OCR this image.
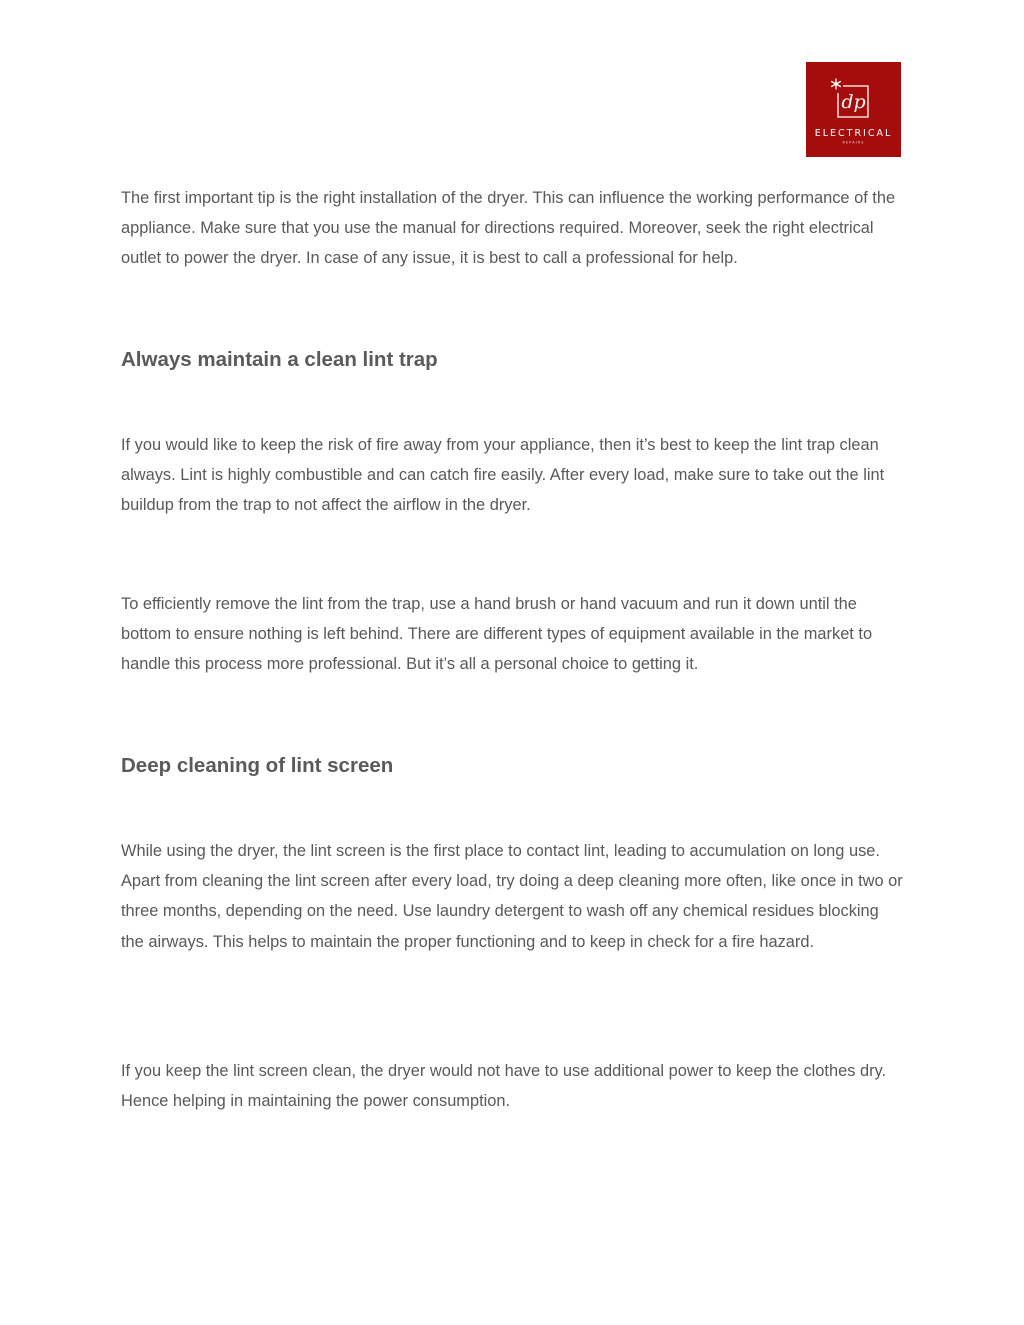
dp
ELECTRICAL
REPAIRS

The first important tip is the right installation of the dryer. This can influence the working performance of the appliance. Make sure that you use the manual for directions required. Moreover, seek the right electrical outlet to power the dryer. In case of any issue, it is best to call a professional for help.

Always maintain a clean lint trap

If you would like to keep the risk of fire away from your appliance, then it’s best to keep the lint trap clean always. Lint is highly combustible and can catch fire easily. After every load, make sure to take out the lint buildup from the trap to not affect the airflow in the dryer.

To efficiently remove the lint from the trap, use a hand brush or hand vacuum and run it down until the bottom to ensure nothing is left behind. There are different types of equipment available in the market to handle this process more professional. But it’s all a personal choice to getting it.

Deep cleaning of lint screen

While using the dryer, the lint screen is the first place to contact lint, leading to accumulation on long use. Apart from cleaning the lint screen after every load, try doing a deep cleaning more often, like once in two or three months, depending on the need. Use laundry detergent to wash off any chemical residues blocking the airways. This helps to maintain the proper functioning and to keep in check for a fire hazard.

If you keep the lint screen clean, the dryer would not have to use additional power to keep the clothes dry. Hence helping in maintaining the power consumption.
